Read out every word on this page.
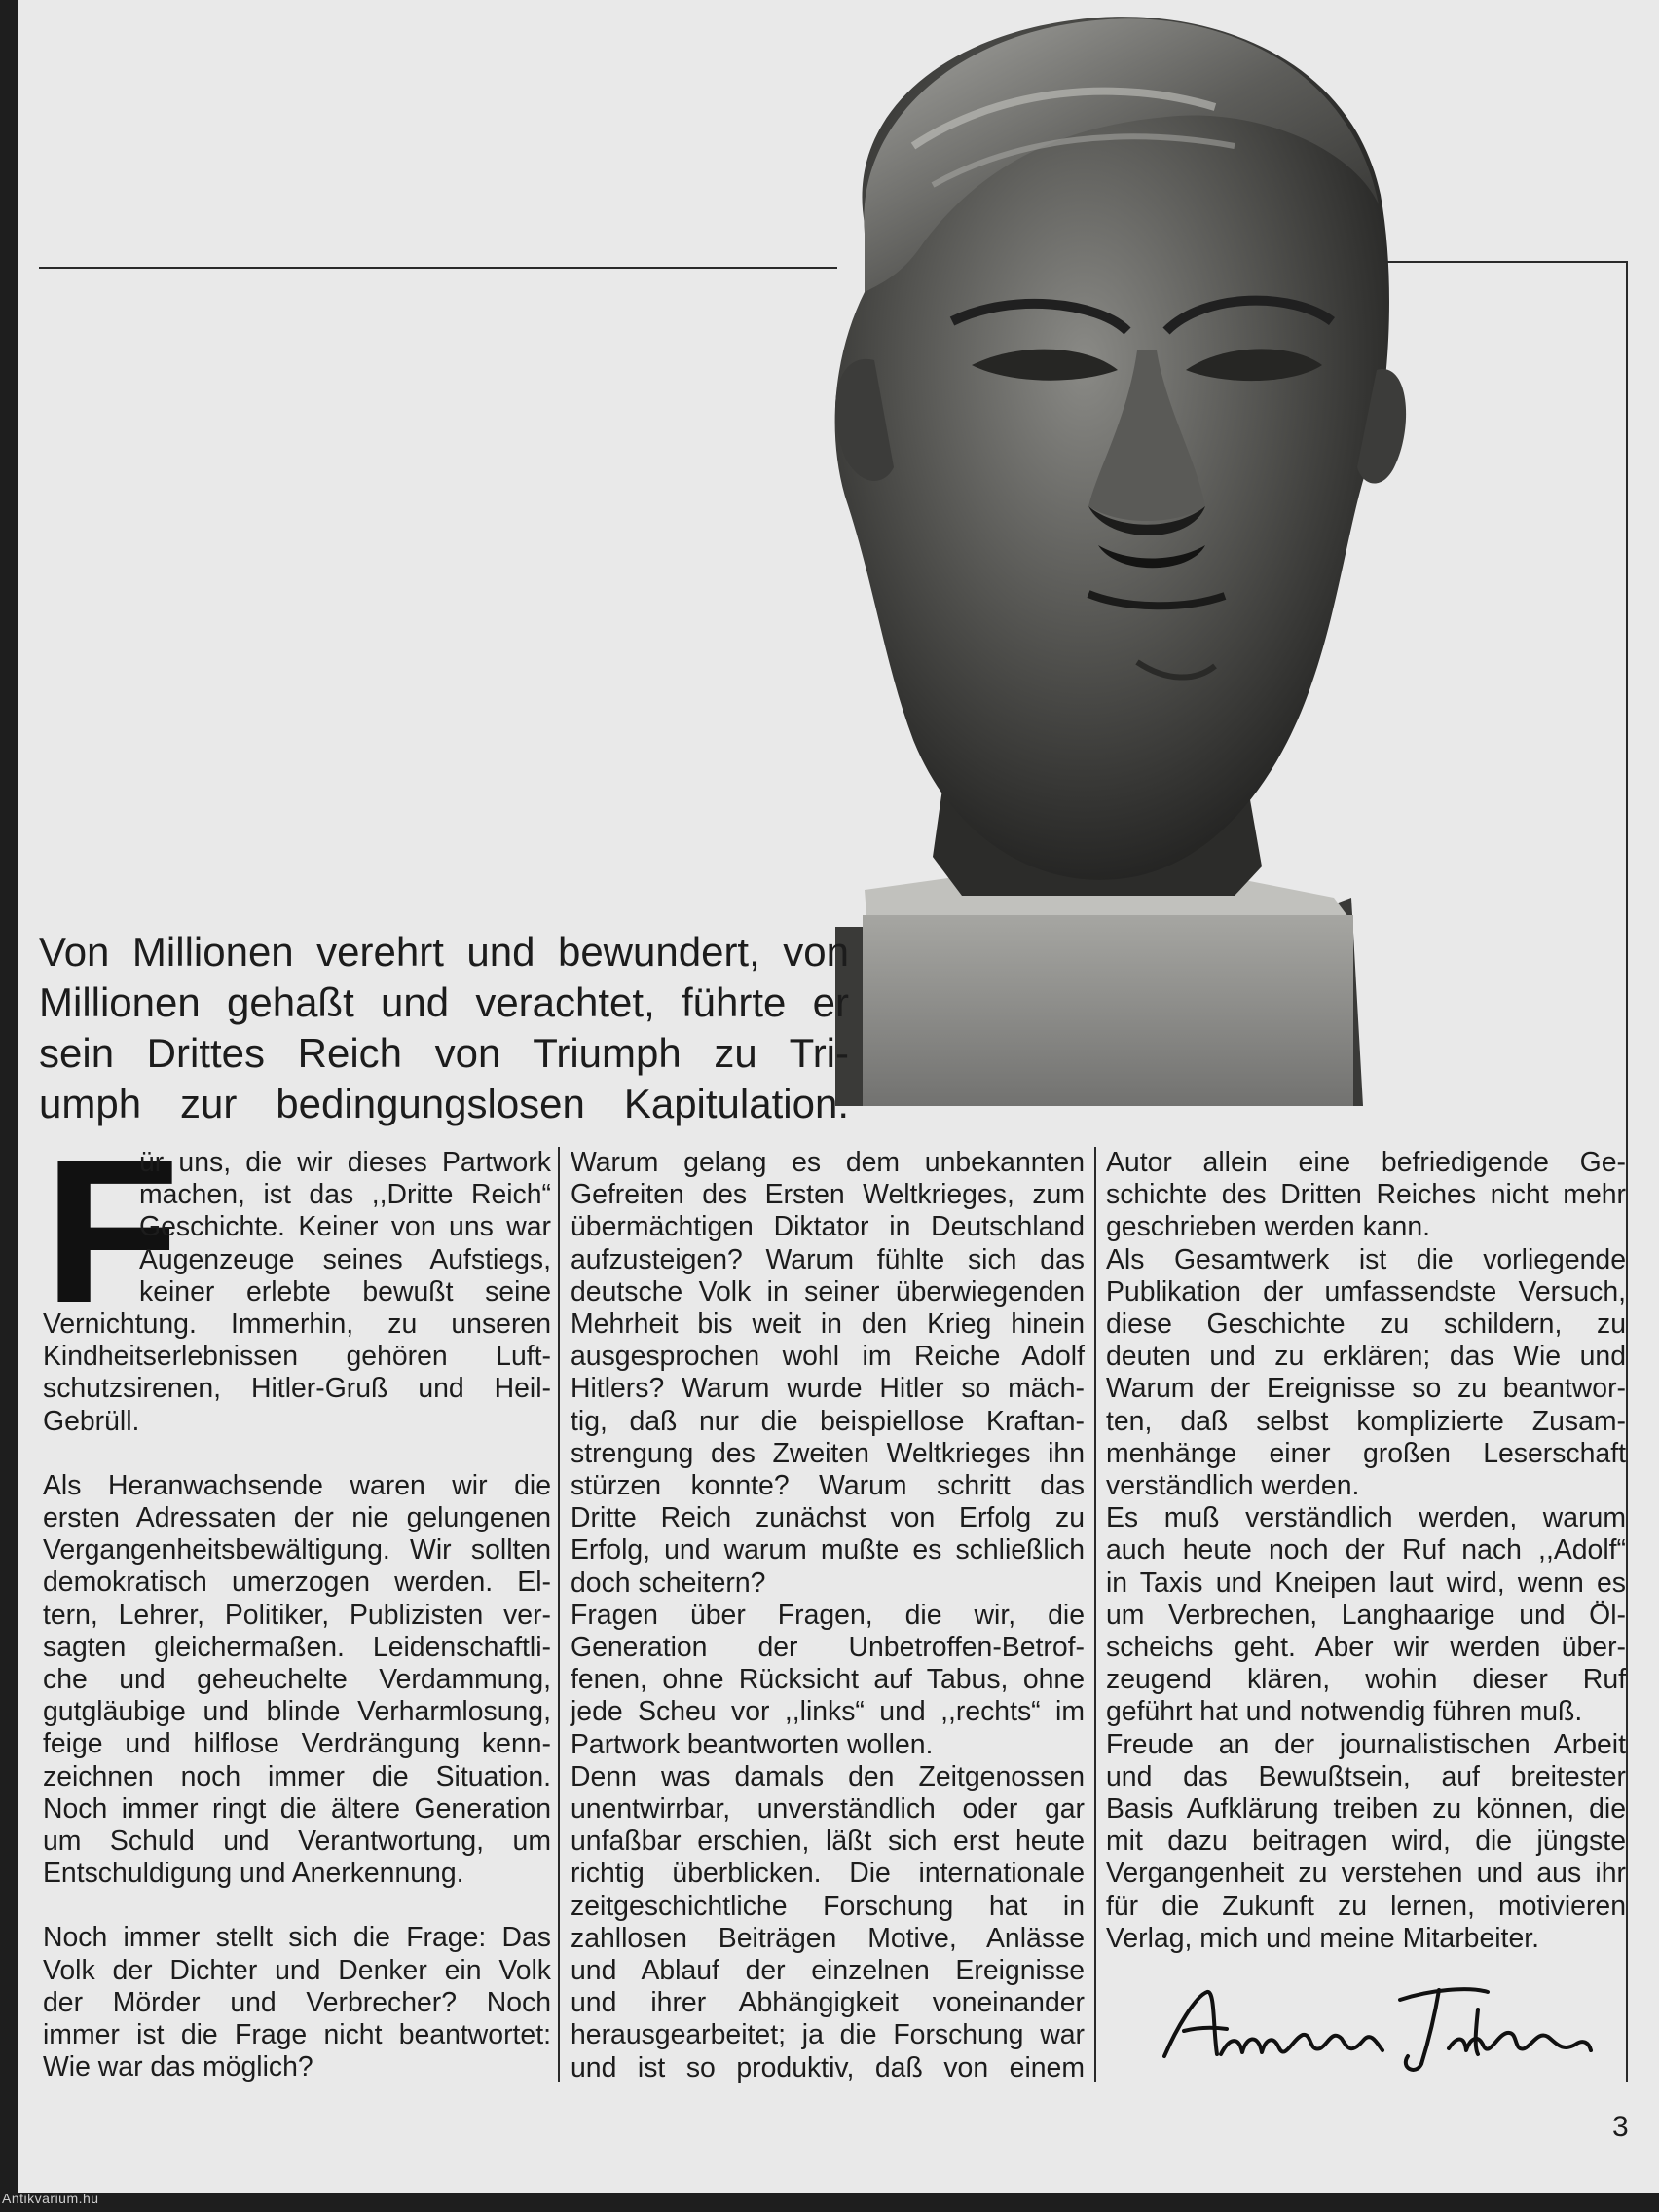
Von Millionen verehrt und bewundert, von
Millionen gehaßt und verachtet, führte er
sein Drittes Reich von Triumph zu Tri-
umph zur bedingungslosen Kapitulation.

F
ür uns, die wir dieses Partwork
machen, ist das ,,Dritte Reich“
Geschichte. Keiner von uns war
Augenzeuge seines Aufstiegs,
keiner erlebte bewußt seine
Vernichtung. Immerhin, zu unseren
Kindheitserlebnissen gehören Luft-
schutzsirenen, Hitler-Gruß und Heil-
Gebrüll.
Als Heranwachsende waren wir die
ersten Adressaten der nie gelungenen
Vergangenheitsbewältigung. Wir sollten
demokratisch umerzogen werden. El-
tern, Lehrer, Politiker, Publizisten ver-
sagten gleichermaßen. Leidenschaftli-
che und geheuchelte Verdammung,
gutgläubige und blinde Verharmlosung,
feige und hilflose Verdrängung kenn-
zeichnen noch immer die Situation.
Noch immer ringt die ältere Generation
um Schuld und Verantwortung, um
Entschuldigung und Anerkennung.
Noch immer stellt sich die Frage: Das
Volk der Dichter und Denker ein Volk
der Mörder und Verbrecher? Noch
immer ist die Frage nicht beantwortet:
Wie war das möglich?
Warum gelang es dem unbekannten
Gefreiten des Ersten Weltkrieges, zum
übermächtigen Diktator in Deutschland
aufzusteigen? Warum fühlte sich das
deutsche Volk in seiner überwiegenden
Mehrheit bis weit in den Krieg hinein
ausgesprochen wohl im Reiche Adolf
Hitlers? Warum wurde Hitler so mäch-
tig, daß nur die beispiellose Kraftan-
strengung des Zweiten Weltkrieges ihn
stürzen konnte? Warum schritt das
Dritte Reich zunächst von Erfolg zu
Erfolg, und warum mußte es schließlich
doch scheitern?
Fragen über Fragen, die wir, die
Generation der Unbetroffen-Betrof-
fenen, ohne Rücksicht auf Tabus, ohne
jede Scheu vor ,,links“ und ,,rechts“ im
Partwork beantworten wollen.
Denn was damals den Zeitgenossen
unentwirrbar, unverständlich oder gar
unfaßbar erschien, läßt sich erst heute
richtig überblicken. Die internationale
zeitgeschichtliche Forschung hat in
zahllosen Beiträgen Motive, Anlässe
und Ablauf der einzelnen Ereignisse
und ihrer Abhängigkeit voneinander
herausgearbeitet; ja die Forschung war
und ist so produktiv, daß von einem
Autor allein eine befriedigende Ge-
schichte des Dritten Reiches nicht mehr
geschrieben werden kann.
Als Gesamtwerk ist die vorliegende
Publikation der umfassendste Versuch,
diese Geschichte zu schildern, zu
deuten und zu erklären; das Wie und
Warum der Ereignisse so zu beantwor-
ten, daß selbst komplizierte Zusam-
menhänge einer großen Leserschaft
verständlich werden.
Es muß verständlich werden, warum
auch heute noch der Ruf nach ,,Adolf“
in Taxis und Kneipen laut wird, wenn es
um Verbrechen, Langhaarige und Öl-
scheichs geht. Aber wir werden über-
zeugend klären, wohin dieser Ruf
geführt hat und notwendig führen muß.
Freude an der journalistischen Arbeit
und das Bewußtsein, auf breitester
Basis Aufklärung treiben zu können, die
mit dazu beitragen wird, die jüngste
Vergangenheit zu verstehen und aus ihr
für die Zukunft zu lernen, motivieren
Verlag, mich und meine Mitarbeiter.
3
Antikvarium.hu
